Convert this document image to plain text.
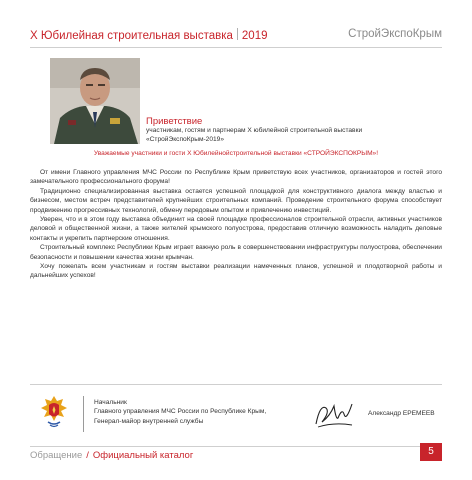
X Юбилейная строительная выставка 2019	СтройЭкспоКрым
Приветствие
участникам, гостям и партнерам X юбилейной строительной выставки «СтройЭкспоКрым-2019»
Уважаемые участники и гости X Юбилейнойстроительной выставки «СТРОЙЭКСПОКРЫМ»!

От имени Главного управления МЧС России по Республике Крым приветствую всех участников, организаторов и гостей этого замечательного профессионального форума!

Традиционно специализированная выставка остается успешной площадкой для конструктивного диалога между властью и бизнесом, местом встреч представителей крупнейших строительных компаний. Проведение строительного форума способствует продвижению прогрессивных технологий, обмену передовым опытом и привлечению инвестиций.

Уверен, что и в этом году выставка объединит на своей площадке профессионалов строительной отрасли, активных участников деловой и общественной жизни, а также жителей крымского полуострова, предоставив отличную возможность наладить деловые контакты и укрепить партнерские отношения.

Строительный комплекс Республики Крым играет важную роль в совершенствовании инфраструктуры полуострова, обеспечении безопасности и повышении качества жизни крымчан.

Хочу пожелать всем участникам и гостям выставки реализации намеченных планов, успешной и плодотворной работы и дальнейших успехов!

Начальник
Главного управления МЧС России по Республике Крым,
Генерал-майор внутренней службы
Александр ЕРЕМЕЕВ
Обращение / Официальный каталог	5
